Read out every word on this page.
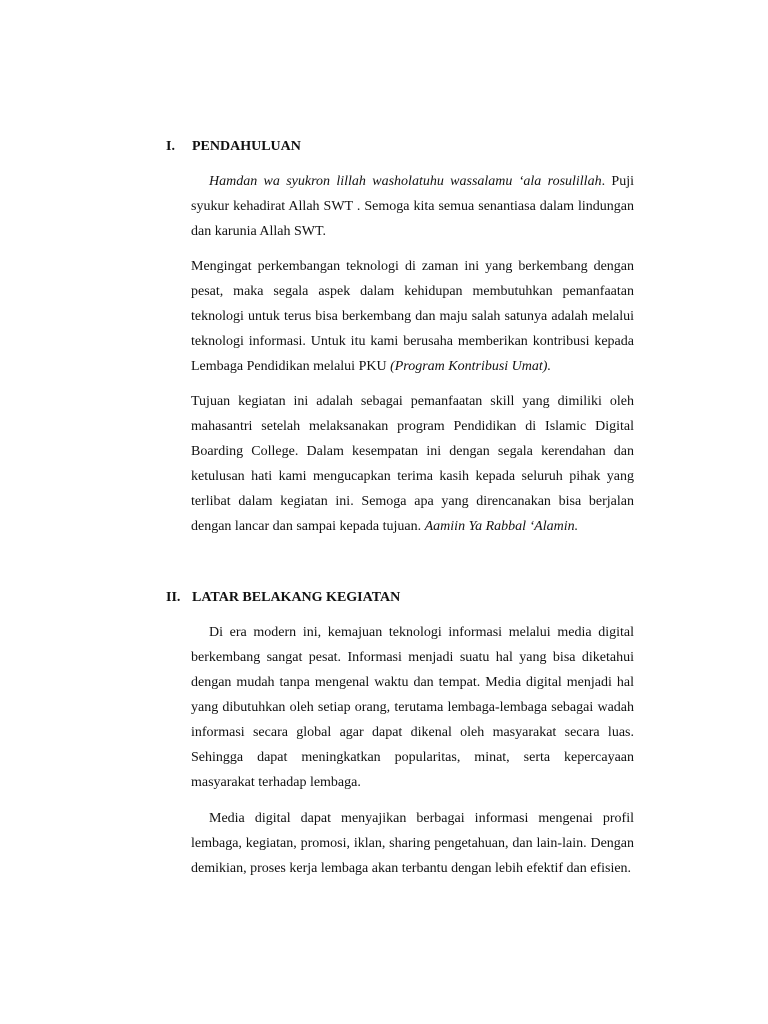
I. PENDAHULUAN

Hamdan wa syukron lillah washolatuhu wassalamu ‘ala rosulillah. Puji syukur kehadirat Allah SWT . Semoga kita semua senantiasa dalam lindungan dan karunia Allah SWT.

Mengingat perkembangan teknologi di zaman ini yang berkembang dengan pesat, maka segala aspek dalam kehidupan membutuhkan pemanfaatan teknologi untuk terus bisa berkembang dan maju salah satunya adalah melalui teknologi informasi. Untuk itu kami berusaha memberikan kontribusi kepada Lembaga Pendidikan melalui PKU (Program Kontribusi Umat).

Tujuan kegiatan ini adalah sebagai pemanfaatan skill yang dimiliki oleh mahasantri setelah melaksanakan program Pendidikan di Islamic Digital Boarding College. Dalam kesempatan ini dengan segala kerendahan dan ketulusan hati kami mengucapkan terima kasih kepada seluruh pihak yang terlibat dalam kegiatan ini. Semoga apa yang direncanakan bisa berjalan dengan lancar dan sampai kepada tujuan. Aamiin Ya Rabbal ‘Alamin.

II. LATAR BELAKANG KEGIATAN

Di era modern ini, kemajuan teknologi informasi melalui media digital berkembang sangat pesat. Informasi menjadi suatu hal yang bisa diketahui dengan mudah tanpa mengenal waktu dan tempat. Media digital menjadi hal yang dibutuhkan oleh setiap orang, terutama lembaga-lembaga sebagai wadah informasi secara global agar dapat dikenal oleh masyarakat secara luas. Sehingga dapat meningkatkan popularitas, minat, serta kepercayaan masyarakat terhadap lembaga.

Media digital dapat menyajikan berbagai informasi mengenai profil lembaga, kegiatan, promosi, iklan, sharing pengetahuan, dan lain-lain. Dengan demikian, proses kerja lembaga akan terbantu dengan lebih efektif dan efisien.
